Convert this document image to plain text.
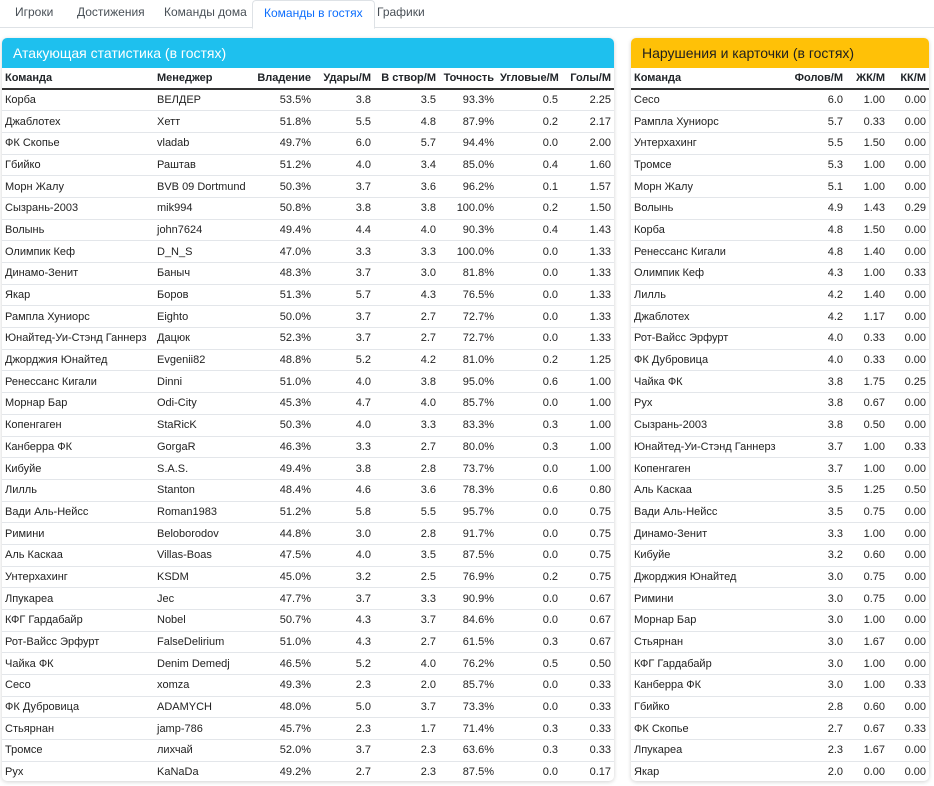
Игроки	Достижения	Команды дома	Команды в гостях	Графики
Атакующая статистика (в гостях)
Команда	Менеджер	Владение	Удары/М	В створ/М	Точность	Угловые/М	Голы/М
Корба	ВЕЛДЕР	53.5%	3.8	3.5	93.3%	0.5	2.25
Джаблотех	Хетт	51.8%	5.5	4.8	87.9%	0.2	2.17
ФК Скопье	vladab	49.7%	6.0	5.7	94.4%	0.0	2.00
Гбийко	Раштав	51.2%	4.0	3.4	85.0%	0.4	1.60
Морн Жалу	BVB 09 Dortmund	50.3%	3.7	3.6	96.2%	0.1	1.57
Сызрань-2003	mik994	50.8%	3.8	3.8	100.0%	0.2	1.50
Волынь	john7624	49.4%	4.4	4.0	90.3%	0.4	1.43
Олимпик Кеф	D_N_S	47.0%	3.3	3.3	100.0%	0.0	1.33
Динамо-Зенит	Баныч	48.3%	3.7	3.0	81.8%	0.0	1.33
Якар	Боров	51.3%	5.7	4.3	76.5%	0.0	1.33
Рампла Хуниорс	Eighto	50.0%	3.7	2.7	72.7%	0.0	1.33
Юнайтед-Уи-Стэнд Ганнерз	Дацюк	52.3%	3.7	2.7	72.7%	0.0	1.33
Джорджия Юнайтед	Evgenii82	48.8%	5.2	4.2	81.0%	0.2	1.25
Ренессанс Кигали	Dinni	51.0%	4.0	3.8	95.0%	0.6	1.00
Морнар Бар	Odi-City	45.3%	4.7	4.0	85.7%	0.0	1.00
Копенгаген	StaRicK	50.3%	4.0	3.3	83.3%	0.3	1.00
Канберра ФК	GorgaR	46.3%	3.3	2.7	80.0%	0.3	1.00
Кибуйе	S.A.S.	49.4%	3.8	2.8	73.7%	0.0	1.00
Лилль	Stanton	48.4%	4.6	3.6	78.3%	0.6	0.80
Вади Аль-Нейсс	Roman1983	51.2%	5.8	5.5	95.7%	0.0	0.75
Римини	Beloborodov	44.8%	3.0	2.8	91.7%	0.0	0.75
Аль Каскаа	Villas-Boas	47.5%	4.0	3.5	87.5%	0.0	0.75
Унтерхахинг	KSDM	45.0%	3.2	2.5	76.9%	0.2	0.75
Лпукареа	Jec	47.7%	3.7	3.3	90.9%	0.0	0.67
КФГ Гардабайр	Nobel	50.7%	4.3	3.7	84.6%	0.0	0.67
Рот-Вайсс Эрфурт	FalseDelirium	51.0%	4.3	2.7	61.5%	0.3	0.67
Чайка ФК	Denim Demedj	46.5%	5.2	4.0	76.2%	0.5	0.50
Сесо	xomza	49.3%	2.3	2.0	85.7%	0.0	0.33
ФК Дубровица	ADAMYCH	48.0%	5.0	3.7	73.3%	0.0	0.33
Стьярнан	jamp-786	45.7%	2.3	1.7	71.4%	0.3	0.33
Тромсе	лихчай	52.0%	3.7	2.3	63.6%	0.3	0.33
Рух	KaNaDa	49.2%	2.7	2.3	87.5%	0.0	0.17
Нарушения и карточки (в гостях)
Команда	Фолов/М	ЖК/М	КК/М
Сесо	6.0	1.00	0.00
Рампла Хуниорс	5.7	0.33	0.00
Унтерхахинг	5.5	1.50	0.00
Тромсе	5.3	1.00	0.00
Морн Жалу	5.1	1.00	0.00
Волынь	4.9	1.43	0.29
Корба	4.8	1.50	0.00
Ренессанс Кигали	4.8	1.40	0.00
Олимпик Кеф	4.3	1.00	0.33
Лилль	4.2	1.40	0.00
Джаблотех	4.2	1.17	0.00
Рот-Вайсс Эрфурт	4.0	0.33	0.00
ФК Дубровица	4.0	0.33	0.00
Чайка ФК	3.8	1.75	0.25
Рух	3.8	0.67	0.00
Сызрань-2003	3.8	0.50	0.00
Юнайтед-Уи-Стэнд Ганнерз	3.7	1.00	0.33
Копенгаген	3.7	1.00	0.00
Аль Каскаа	3.5	1.25	0.50
Вади Аль-Нейсс	3.5	0.75	0.00
Динамо-Зенит	3.3	1.00	0.00
Кибуйе	3.2	0.60	0.00
Джорджия Юнайтед	3.0	0.75	0.00
Римини	3.0	0.75	0.00
Морнар Бар	3.0	1.00	0.00
Стьярнан	3.0	1.67	0.00
КФГ Гардабайр	3.0	1.00	0.00
Канберра ФК	3.0	1.00	0.33
Гбийко	2.8	0.60	0.00
ФК Скопье	2.7	0.67	0.33
Лпукареа	2.3	1.67	0.00
Якар	2.0	0.00	0.00
